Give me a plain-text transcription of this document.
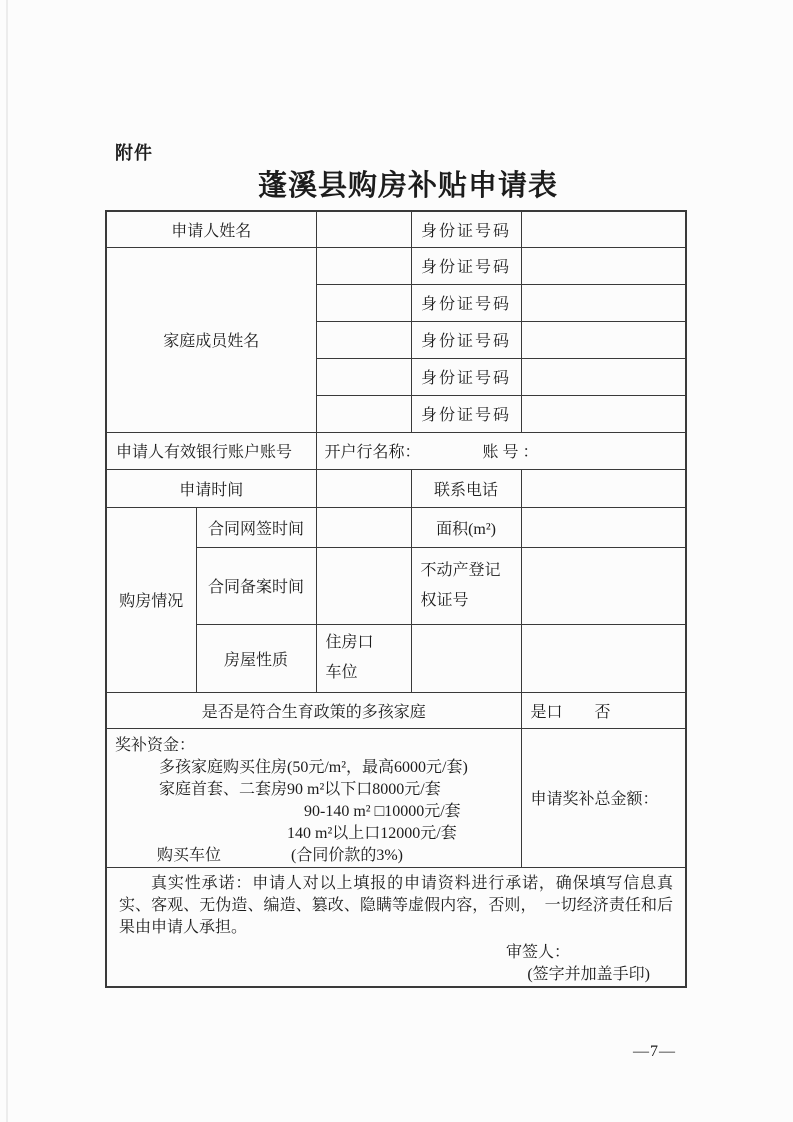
附件
蓬溪县购房补贴申请表
申请人姓名			身份证号码	
家庭成员姓名			身份证号码	
			身份证号码	
			身份证号码	
			身份证号码	
			身份证号码	
申请人有效银行账户账号		开户行名称： 账 号 ：		

申请时间			联系电话	
购房情况	合同网签时间		面积(m²)	
	合同备案时间		不动产登记
权证号	

	房屋性质	住房口
车位		

是否是符合生育政策的多孩家庭				是口　　否

奖补资金：
多孩家庭购买住房(50元/m²，最高6000元/套)
家庭首套、二套房90 m²以下口8000元/套
90-140 m² □10000元/套
140 m²以上口12000元/套
购买车位	(合同价款的3%)
	申请奖补总金额：

真实性承诺：申请人对以上填报的申请资料进行承诺，确保填写信息真实、客观、无伪造、编造、篡改、隐瞒等虚假内容，否则，　一切经济责任和后果由申请人承担。
审签人：
(签字并加盖手印)				
—7—
